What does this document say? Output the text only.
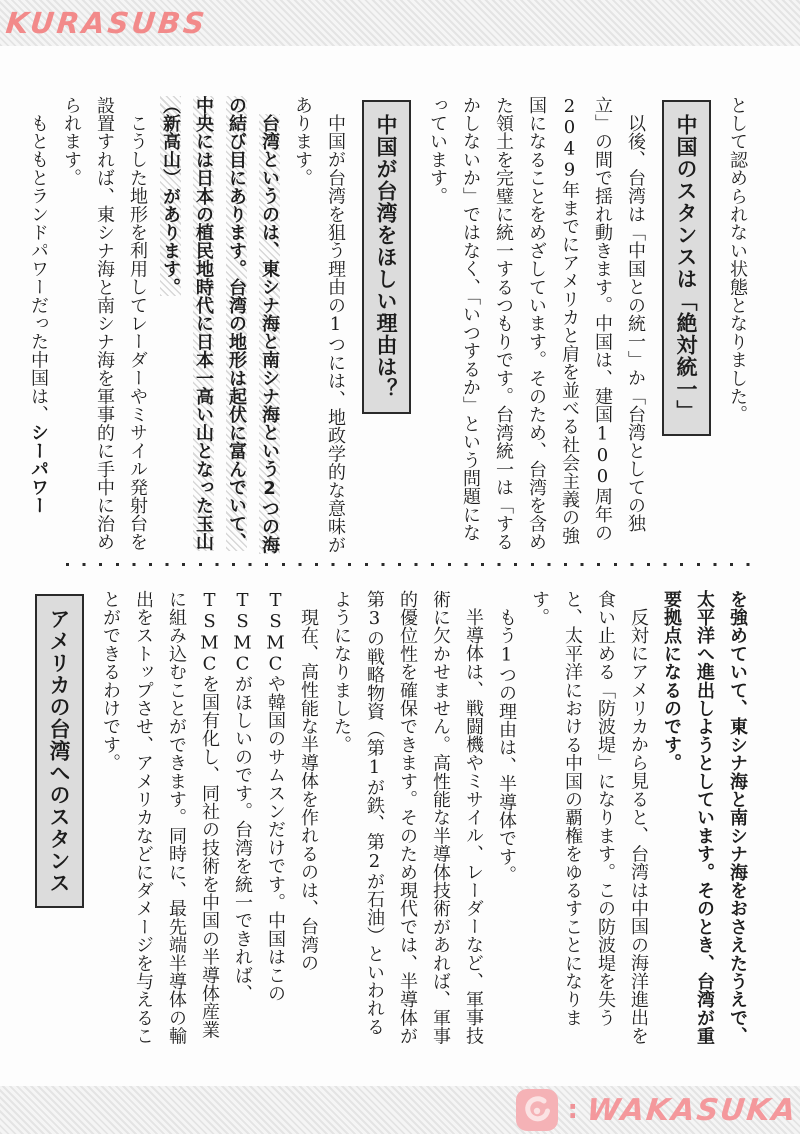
KURASUBS

として認められない状態となりました。

中国のスタンスは「絶対統一」

以後、台湾は「中国との統一」か「台湾としての独立」の間で揺れ動きます。中国は、建国100周年の2049年までにアメリカと肩を並べる社会主義の強国になることをめざしています。そのため、台湾を含めた領土を完璧に統一するつもりです。台湾統一は「するかしないか」ではなく、「いつするか」という問題になっています。

中国が台湾をほしい理由は？

中国が台湾を狙う理由の1つには、地政学的な意味があります。

台湾というのは、東シナ海と南シナ海という2つの海の結び目にあります。台湾の地形は起伏に富んでいて、中央には日本の植民地時代に日本一高い山となった玉山（新高山）があります。

こうした地形を利用してレーダーやミサイル発射台を設置すれば、東シナ海と南シナ海を軍事的に手中に治められます。

もともとランドパワーだった中国は、シーパワー

を強めていて、東シナ海と南シナ海をおさえたうえで、太平洋へ進出しようとしています。そのとき、台湾が重要拠点になるのです。

反対にアメリカから見ると、台湾は中国の海洋進出を食い止める「防波堤」になります。この防波堤を失うと、太平洋における中国の覇権をゆるすことになります。

もう1つの理由は、半導体です。

半導体は、戦闘機やミサイル、レーダーなど、軍事技術に欠かせません。高性能な半導体技術があれば、軍事的優位性を確保できます。そのため現代では、半導体が第3の戦略物資（第1が鉄、第2が石油）といわれるようになりました。

現在、高性能な半導体を作れるのは、台湾のTSMCや韓国のサムスンだけです。中国はこのTSMCがほしいのです。台湾を統一できれば、TSMCを国有化し、同社の技術を中国の半導体産業に組み込むことができます。同時に、最先端半導体の輸出をストップさせ、アメリカなどにダメージを与えることができるわけです。

アメリカの台湾へのスタンス
: WAKASUKA
